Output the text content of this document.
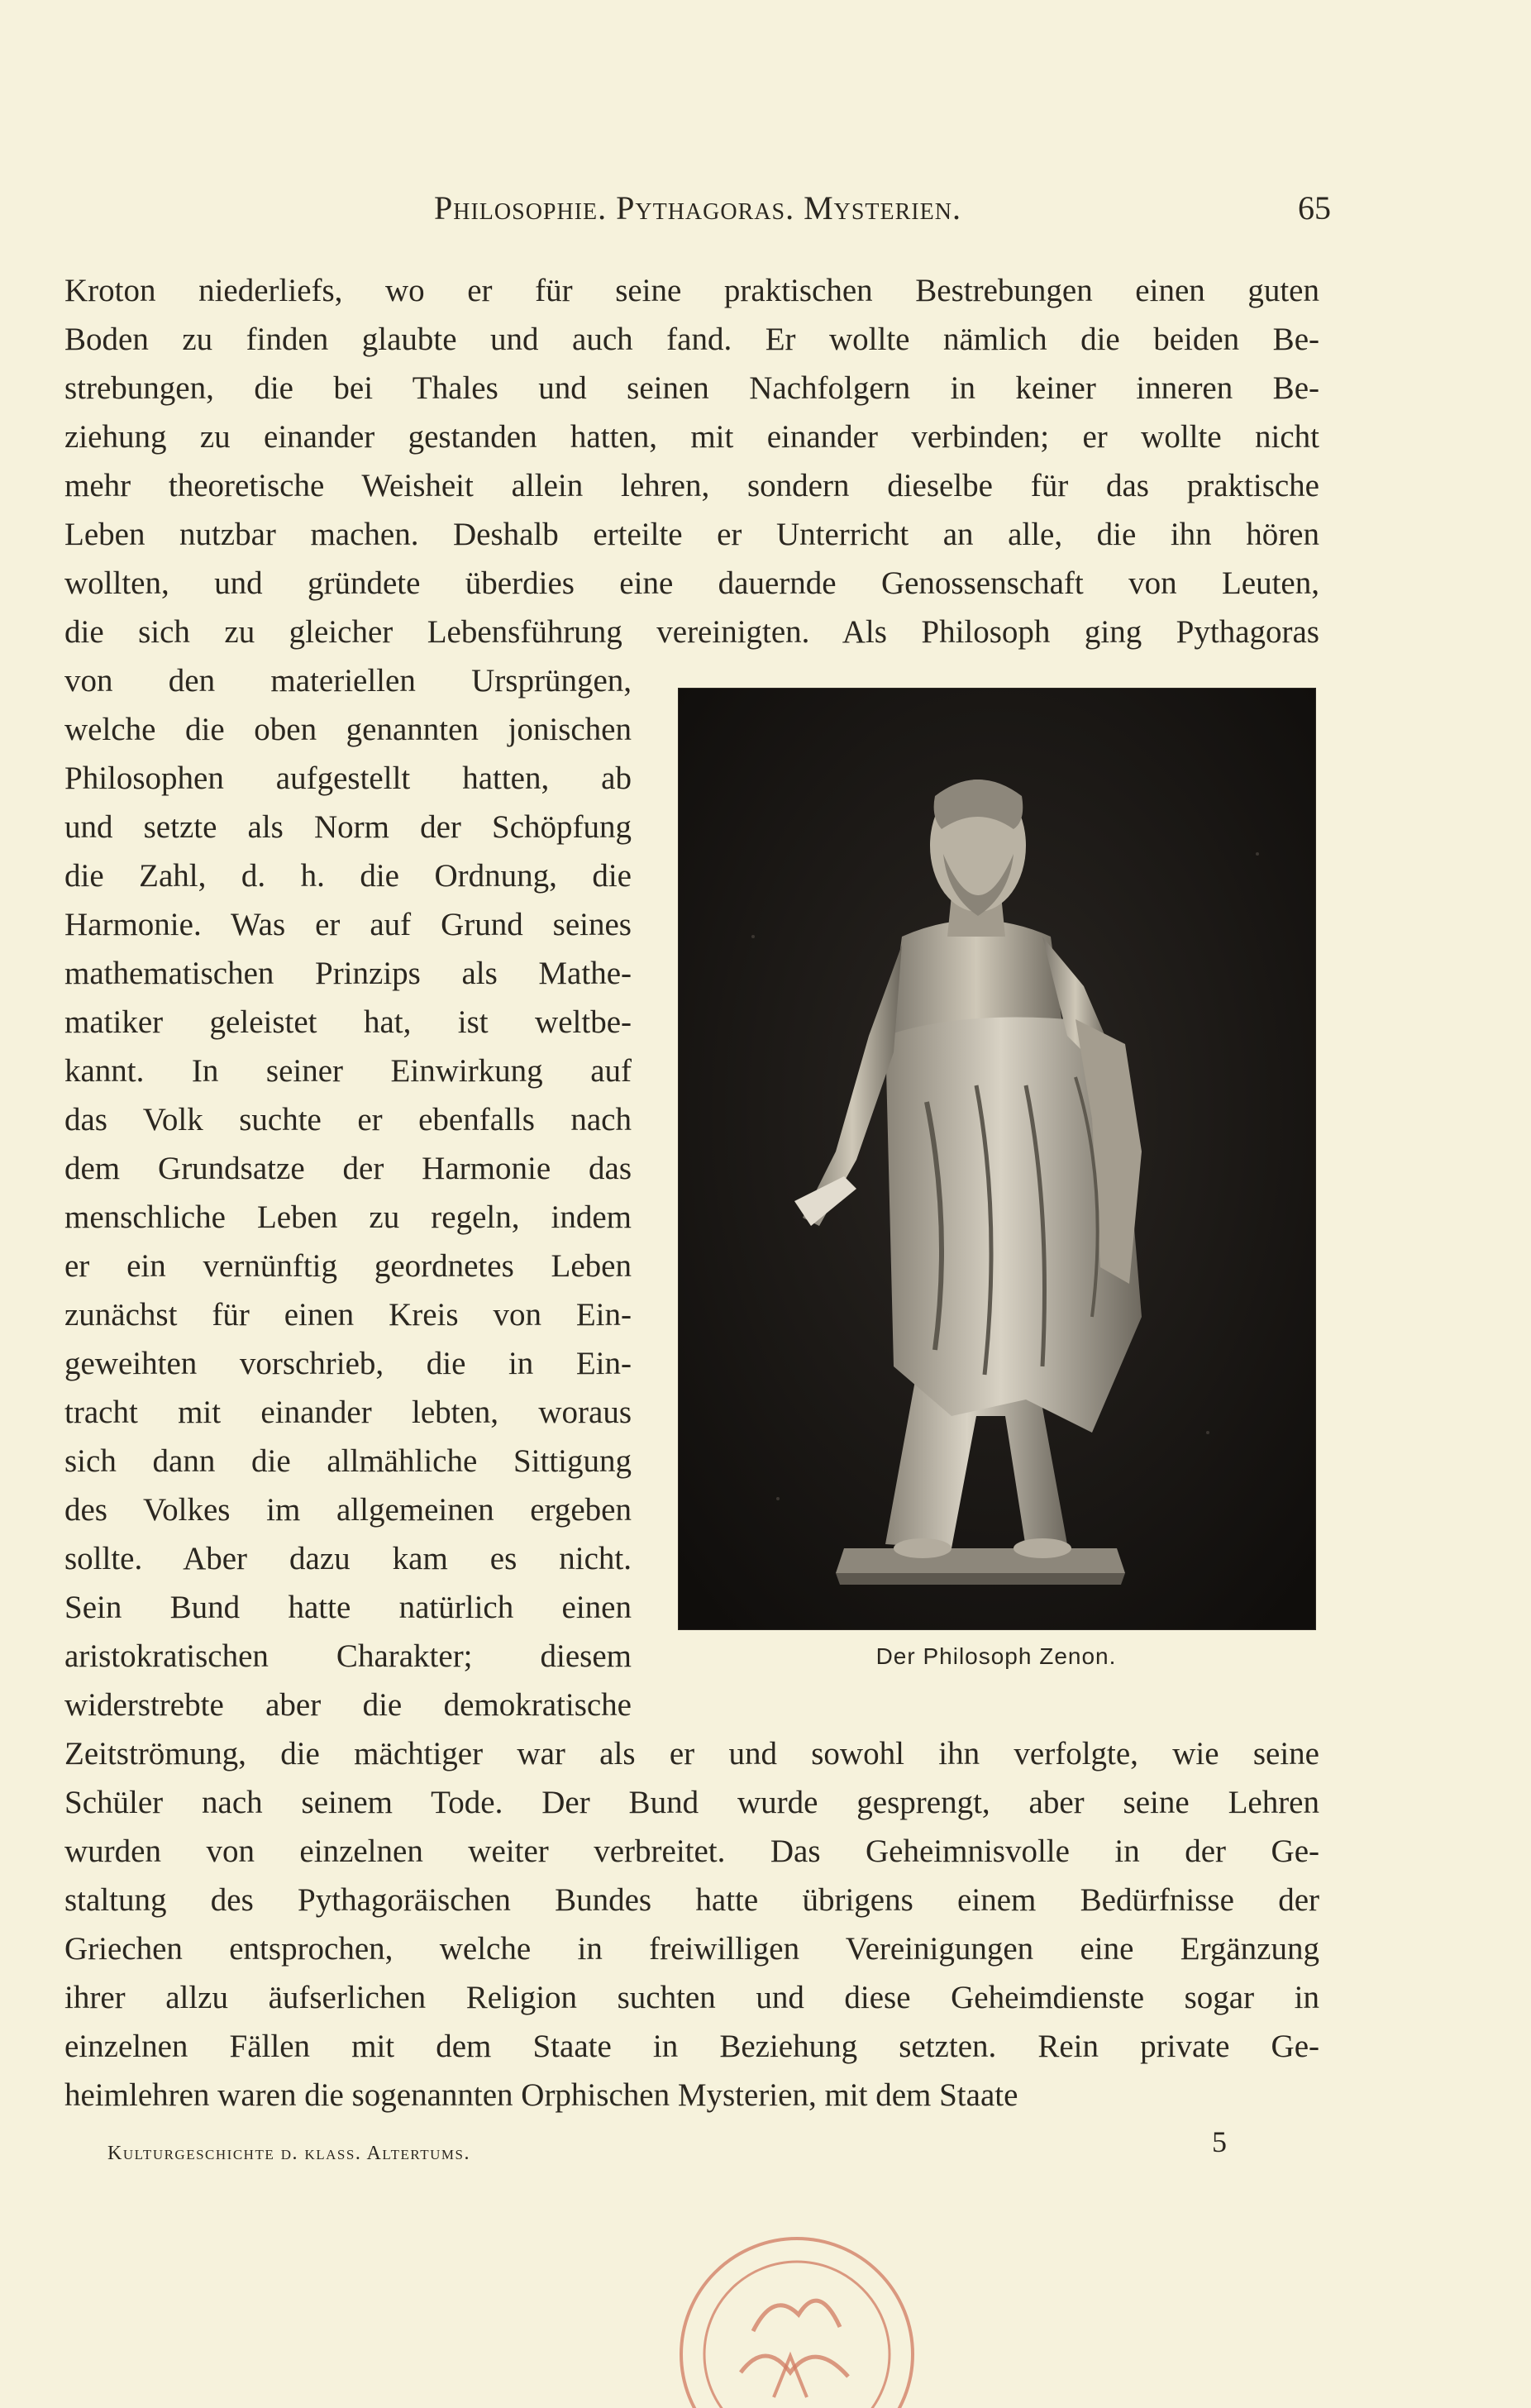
Philosophie. Pythagoras. Mysterien.	65
Kroton niederliefs, wo er für seine praktischen Bestrebungen einen guten
Boden zu finden glaubte und auch fand. Er wollte nämlich die beiden Be-
strebungen, die bei Thales und seinen Nachfolgern in keiner inneren Be-
ziehung zu einander gestanden hatten, mit einander verbinden; er wollte nicht
mehr theoretische Weisheit allein lehren, sondern dieselbe für das praktische
Leben nutzbar machen. Deshalb erteilte er Unterricht an alle, die ihn hören
wollten, und gründete überdies eine dauernde Genossenschaft von Leuten,
die sich zu gleicher Lebensführung vereinigten. Als Philosoph ging Pythagoras
von den materiellen Ursprüngen,
welche die oben genannten jonischen
Philosophen aufgestellt hatten, ab
und setzte als Norm der Schöpfung
die Zahl, d. h. die Ordnung, die
Harmonie. Was er auf Grund seines
mathematischen Prinzips als Mathe-
matiker geleistet hat, ist weltbe-
kannt. In seiner Einwirkung auf
das Volk suchte er ebenfalls nach
dem Grundsatze der Harmonie das
menschliche Leben zu regeln, indem
er ein vernünftig geordnetes Leben
zunächst für einen Kreis von Ein-
geweihten vorschrieb, die in Ein-
tracht mit einander lebten, woraus
sich dann die allmähliche Sittigung
des Volkes im allgemeinen ergeben
sollte. Aber dazu kam es nicht.
Sein Bund hatte natürlich einen
aristokratischen Charakter; diesem
widerstrebte aber die demokratische
Zeitströmung, die mächtiger war als er und sowohl ihn verfolgte, wie seine
Schüler nach seinem Tode. Der Bund wurde gesprengt, aber seine Lehren
wurden von einzelnen weiter verbreitet. Das Geheimnisvolle in der Ge-
staltung des Pythagoräischen Bundes hatte übrigens einem Bedürfnisse der
Griechen entsprochen, welche in freiwilligen Vereinigungen eine Ergänzung
ihrer allzu äufserlichen Religion suchten und diese Geheimdienste sogar in
einzelnen Fällen mit dem Staate in Beziehung setzten. Rein private Ge-
heimlehren waren die sogenannten Orphischen Mysterien, mit dem Staate
Der Philosoph Zenon.
Kulturgeschichte d. klass. Altertums.	5
